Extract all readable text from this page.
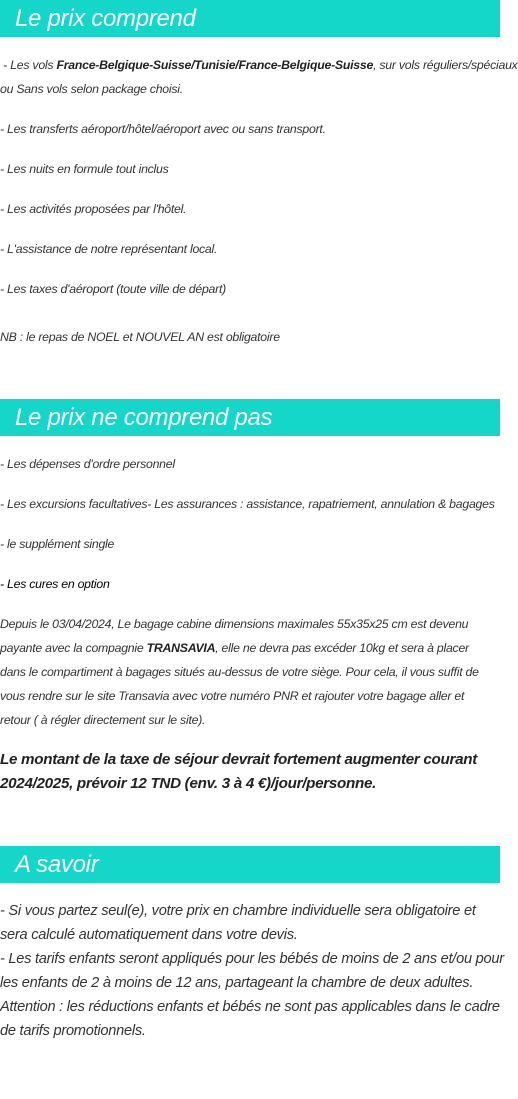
Le prix comprend
- Les vols France-Belgique-Suisse/Tunisie/France-Belgique-Suisse, sur vols réguliers/spéciaux
ou Sans vols selon package choisi.
- Les transferts aéroport/hôtel/aéroport avec ou sans transport.
- Les nuits en formule tout inclus
- Les activités proposées par l'hôtel.
- L'assistance de notre représentant local.
- Les taxes d'aéroport (toute ville de départ)
NB : le repas de NOEL et NOUVEL AN est obligatoire
Le prix ne comprend pas
- Les dépenses d'ordre personnel
- Les excursions facultatives- Les assurances : assistance, rapatriement, annulation & bagages
- le supplément single
- Les cures en option
Depuis le 03/04/2024, Le bagage cabine dimensions maximales 55x35x25 cm est devenu
payante avec la compagnie TRANSAVIA, elle ne devra pas excéder 10kg et sera à placer
dans le compartiment à bagages situés au-dessus de votre siège. Pour cela, il vous suffit de
vous rendre sur le site Transavia avec votre numéro PNR et rajouter votre bagage aller et
retour ( à régler directement sur le site).
Le montant de la taxe de séjour devrait fortement augmenter courant
2024/2025, prévoir 12 TND (env. 3 à 4 €)/jour/personne.
A savoir
- Si vous partez seul(e), votre prix en chambre individuelle sera obligatoire et
sera calculé automatiquement dans votre devis.
- Les tarifs enfants seront appliqués pour les bébés de moins de 2 ans et/ou pour
les enfants de 2 à moins de 12 ans, partageant la chambre de deux adultes.
Attention : les réductions enfants et bébés ne sont pas applicables dans le cadre
de tarifs promotionnels.
